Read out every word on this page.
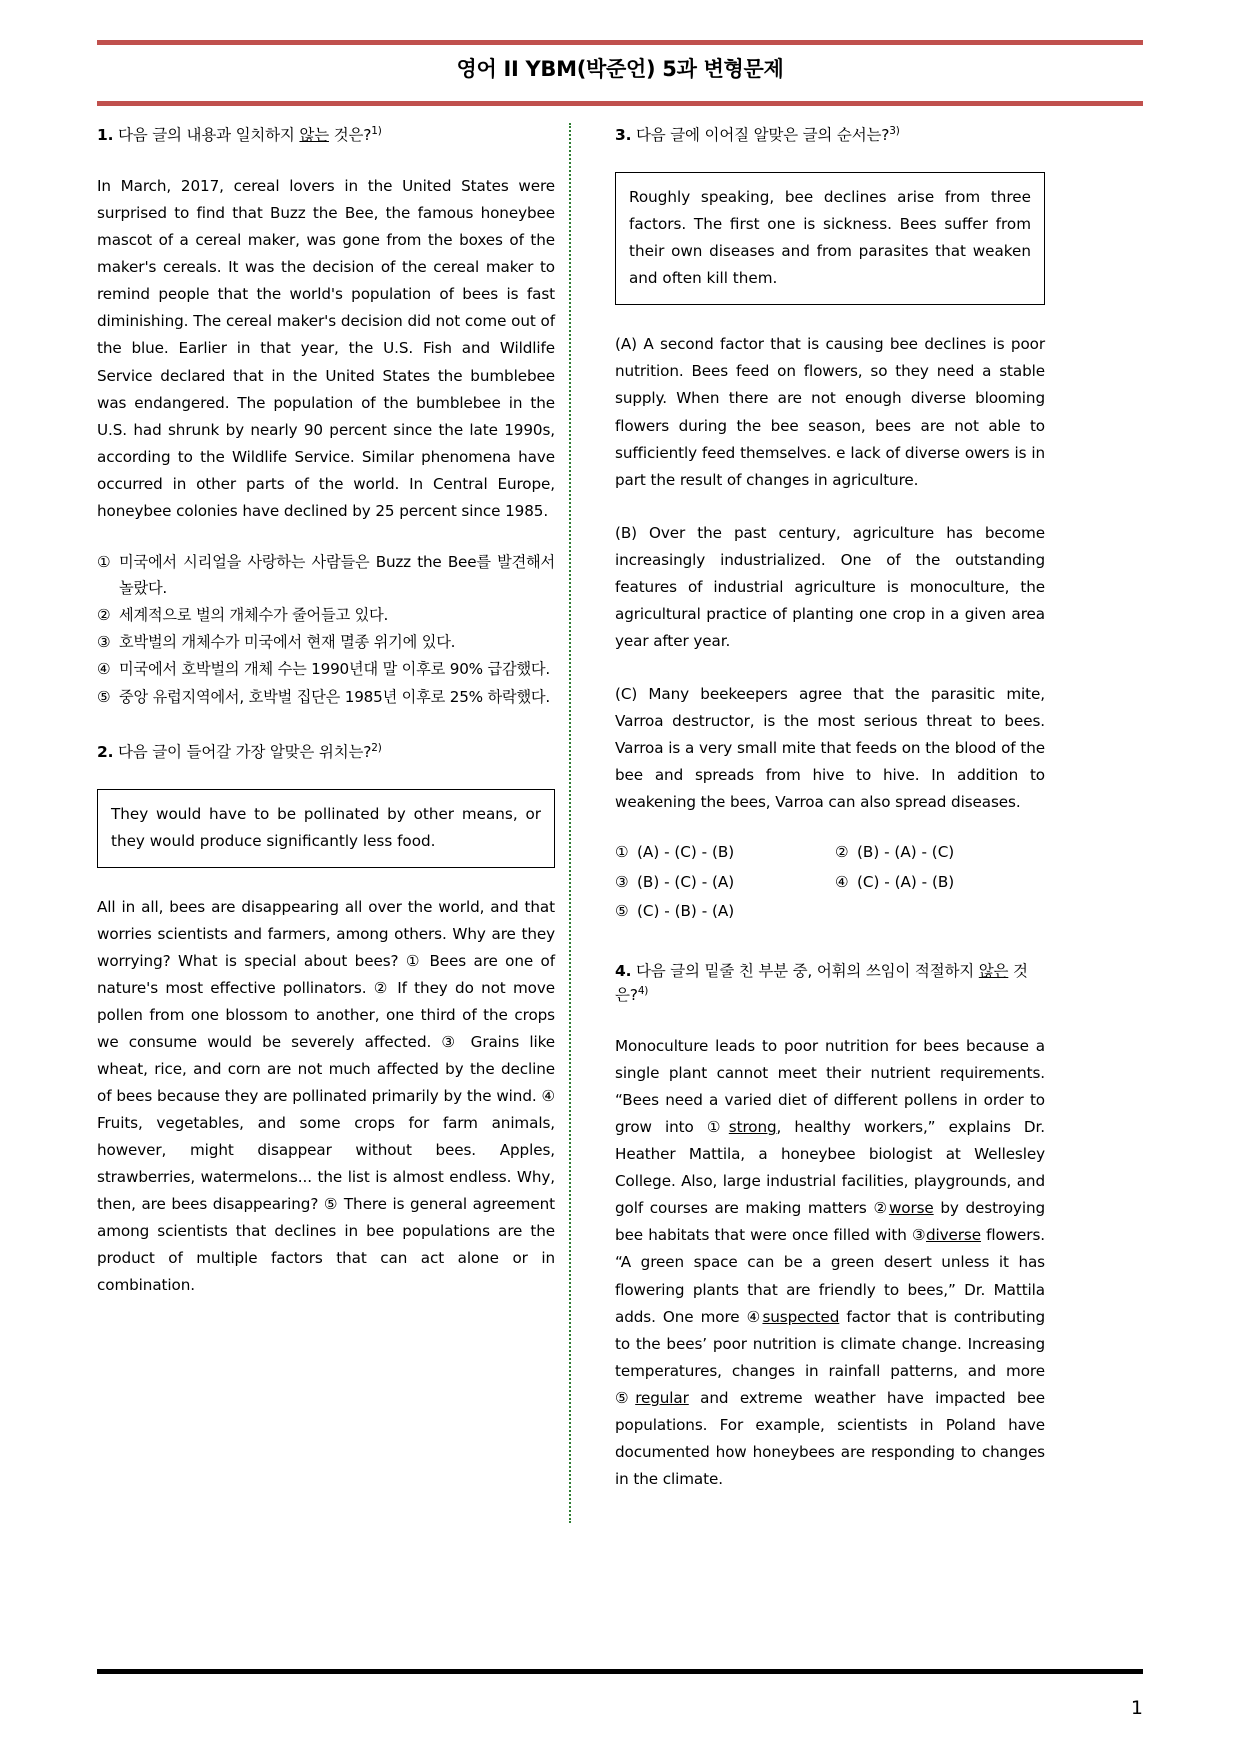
영어 II YBM(박준언) 5과 변형문제
1. 다음 글의 내용과 일치하지 않는 것은?$^{1)}$
In March, 2017, cereal lovers in the United States were surprised to find that Buzz the Bee, the famous honeybee mascot of a cereal maker, was gone from the boxes of the maker's cereals. It was the decision of the cereal maker to remind people that the world's population of bees is fast diminishing. The cereal maker's decision did not come out of the blue. Earlier in that year, the U.S. Fish and Wildlife Service declared that in the United States the bumblebee was endangered. The population of the bumblebee in the U.S. had shrunk by nearly 90 percent since the late 1990s, according to the Wildlife Service. Similar phenomena have occurred in other parts of the world. In Central Europe, honeybee colonies have declined by 25 percent since 1985.
① 미국에서 시리얼을 사랑하는 사람들은 Buzz the Bee를 발견해서 놀랐다.
② 세계적으로 벌의 개체수가 줄어들고 있다.
③ 호박벌의 개체수가 미국에서 현재 멸종 위기에 있다.
④ 미국에서 호박벌의 개체 수는 1990년대 말 이후로 90% 급감했다.
⑤ 중앙 유럽지역에서, 호박벌 집단은 1985년 이후로 25% 하락했다.
2. 다음 글이 들어갈 가장 알맞은 위치는?$^{2)}$
They would have to be pollinated by other means, or they would produce significantly less food.
All in all, bees are disappearing all over the world, and that worries scientists and farmers, among others. Why are they worrying? What is special about bees? ① Bees are one of nature's most effective pollinators. ② If they do not move pollen from one blossom to another, one third of the crops we consume would be severely affected. ③ Grains like wheat, rice, and corn are not much affected by the decline of bees because they are pollinated primarily by the wind. ④ Fruits, vegetables, and some crops for farm animals, however, might disappear without bees. Apples, strawberries, watermelons... the list is almost endless. Why, then, are bees disappearing? ⑤ There is general agreement among scientists that declines in bee populations are the product of multiple factors that can act alone or in combination.
3. 다음 글에 이어질 알맞은 글의 순서는?$^{3)}$
Roughly speaking, bee declines arise from three factors. The first one is sickness. Bees suffer from their own diseases and from parasites that weaken and often kill them.
(A) A second factor that is causing bee declines is poor nutrition. Bees feed on flowers, so they need a stable supply. When there are not enough diverse blooming flowers during the bee season, bees are not able to sufficiently feed themselves. e lack of diverse owers is in part the result of changes in agriculture.
(B) Over the past century, agriculture has become increasingly industrialized. One of the outstanding features of industrial agriculture is monoculture, the agricultural practice of planting one crop in a given area year after year.
(C) Many beekeepers agree that the parasitic mite, Varroa destructor, is the most serious threat to bees. Varroa is a very small mite that feeds on the blood of the bee and spreads from hive to hive. In addition to weakening the bees, Varroa can also spread diseases.
① (A) - (C) - (B)	② (B) - (A) - (C)
③ (B) - (C) - (A)	④ (C) - (A) - (B)
⑤ (C) - (B) - (A)
4. 다음 글의 밑줄 친 부분 중, 어휘의 쓰임이 적절하지 않은 것은?$^{4)}$
Monoculture leads to poor nutrition for bees because a single plant cannot meet their nutrient requirements. “Bees need a varied diet of different pollens in order to grow into ①strong, healthy workers,” explains Dr. Heather Mattila, a honeybee biologist at Wellesley College. Also, large industrial facilities, playgrounds, and golf courses are making matters ②worse by destroying bee habitats that were once filled with ③diverse flowers. “A green space can be a green desert unless it has flowering plants that are friendly to bees,” Dr. Mattila adds. One more ④suspected factor that is contributing to the bees’ poor nutrition is climate change. Increasing temperatures, changes in rainfall patterns, and more ⑤regular and extreme weather have impacted bee populations. For example, scientists in Poland have documented how honeybees are responding to changes in the climate.
1
